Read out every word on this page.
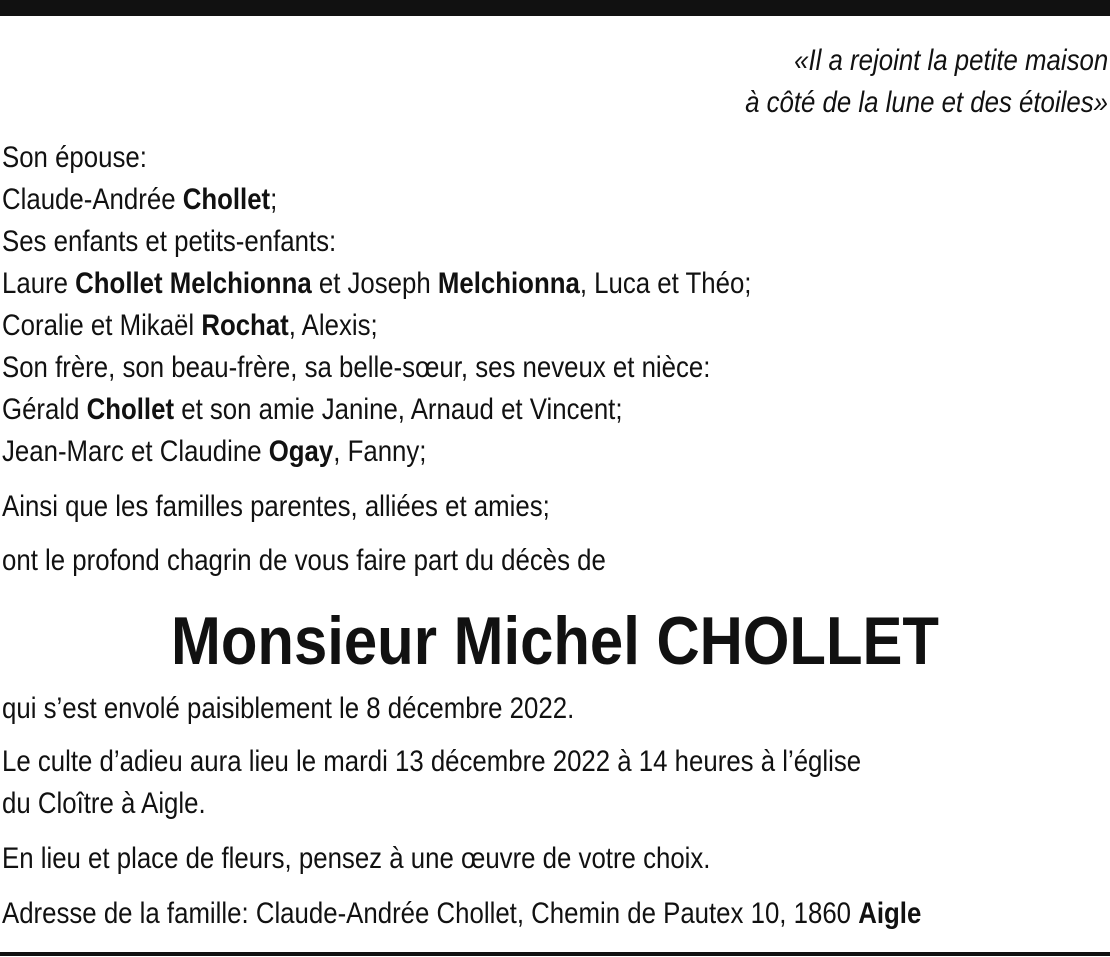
«Il a rejoint la petite maison

à côté de la lune et des étoiles»

Son épouse:

Claude-Andrée Chollet;

Ses enfants et petits-enfants:

Laure Chollet Melchionna et Joseph Melchionna, Luca et Théo;

Coralie et Mikaël Rochat, Alexis;

Son frère, son beau-frère, sa belle-sœur, ses neveux et nièce:

Gérald Chollet et son amie Janine, Arnaud et Vincent;

Jean-Marc et Claudine Ogay, Fanny;

Ainsi que les familles parentes, alliées et amies;

ont le profond chagrin de vous faire part du décès de

Monsieur Michel CHOLLET

qui s’est envolé paisiblement le 8 décembre 2022.

Le culte d’adieu aura lieu le mardi 13 décembre 2022 à 14 heures à l’église

du Cloître à Aigle.

En lieu et place de fleurs, pensez à une œuvre de votre choix.

Adresse de la famille: Claude-Andrée Chollet, Chemin de Pautex 10, 1860 Aigle
